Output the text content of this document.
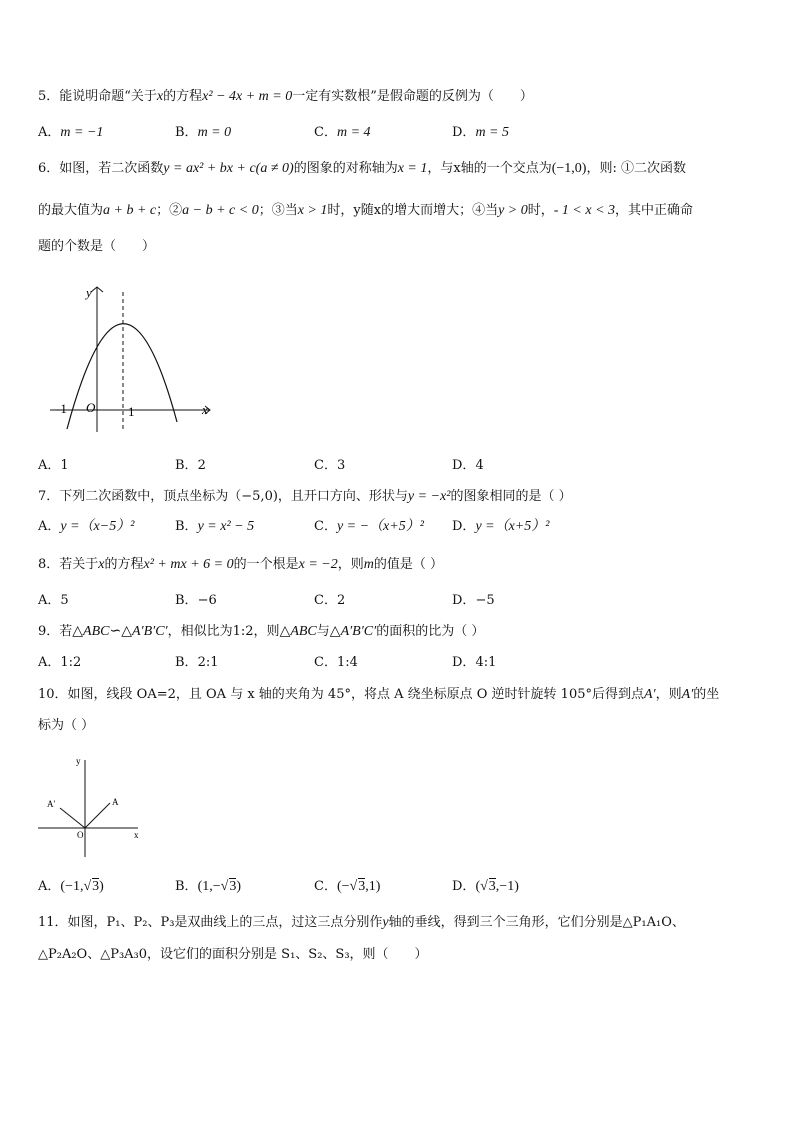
5．能说明命题“关于x的方程x² − 4x + m = 0一定有实数根”是假命题的反例为（　　）
A．m = −1	B．m = 0	C．m = 4	D．m = 5
6．如图，若二次函数y = ax² + bx + c(a ≠ 0)的图象的对称轴为x = 1，与x轴的一个交点为(−1,0)，则: ①二次函数
的最大值为a + b + c；②a − b + c < 0；③当x > 1时，y随x的增大而增大；④当y > 0时，- 1 < x < 3，其中正确命
题的个数是（　　）
y
x
O
-1	1
A．1	B．2	C．3	D．4
7．下列二次函数中，顶点坐标为（−5,0)，且开口方向、形状与y = −x²的图象相同的是（ ）
A．y =（x−5）²	B．y = x² − 5	C．y = −（x+5）² D．y =（x+5）²
8．若关于x的方程x² + mx + 6 = 0的一个根是x = −2，则m的值是（ ）
A．5	B．−6	C．2	D．−5
9．若△ABC∽△A′B′C′，相似比为1:2，则△ABC与△A′B′C′的面积的比为（ ）
A．1:2	B．2:1	C．1:4	D．4:1
10．如图，线段 OA=2，且 OA 与 x 轴的夹角为 45°，将点 A 绕坐标原点 O 逆时针旋转 105°后得到点A′，则A′的坐
标为（ ）
y
x
O
A
A'
A．(−1,√3)	B．(1,−√3)	C．(−√3,1)	D．(√3,−1)
11．如图，P₁、P₂、P₃是双曲线上的三点，过这三点分别作y轴的垂线，得到三个三角形，它们分别是△P₁A₁O、
△P₂A₂O、△P₃A₃0，设它们的面积分别是 S₁、S₂、S₃，则（　　）
